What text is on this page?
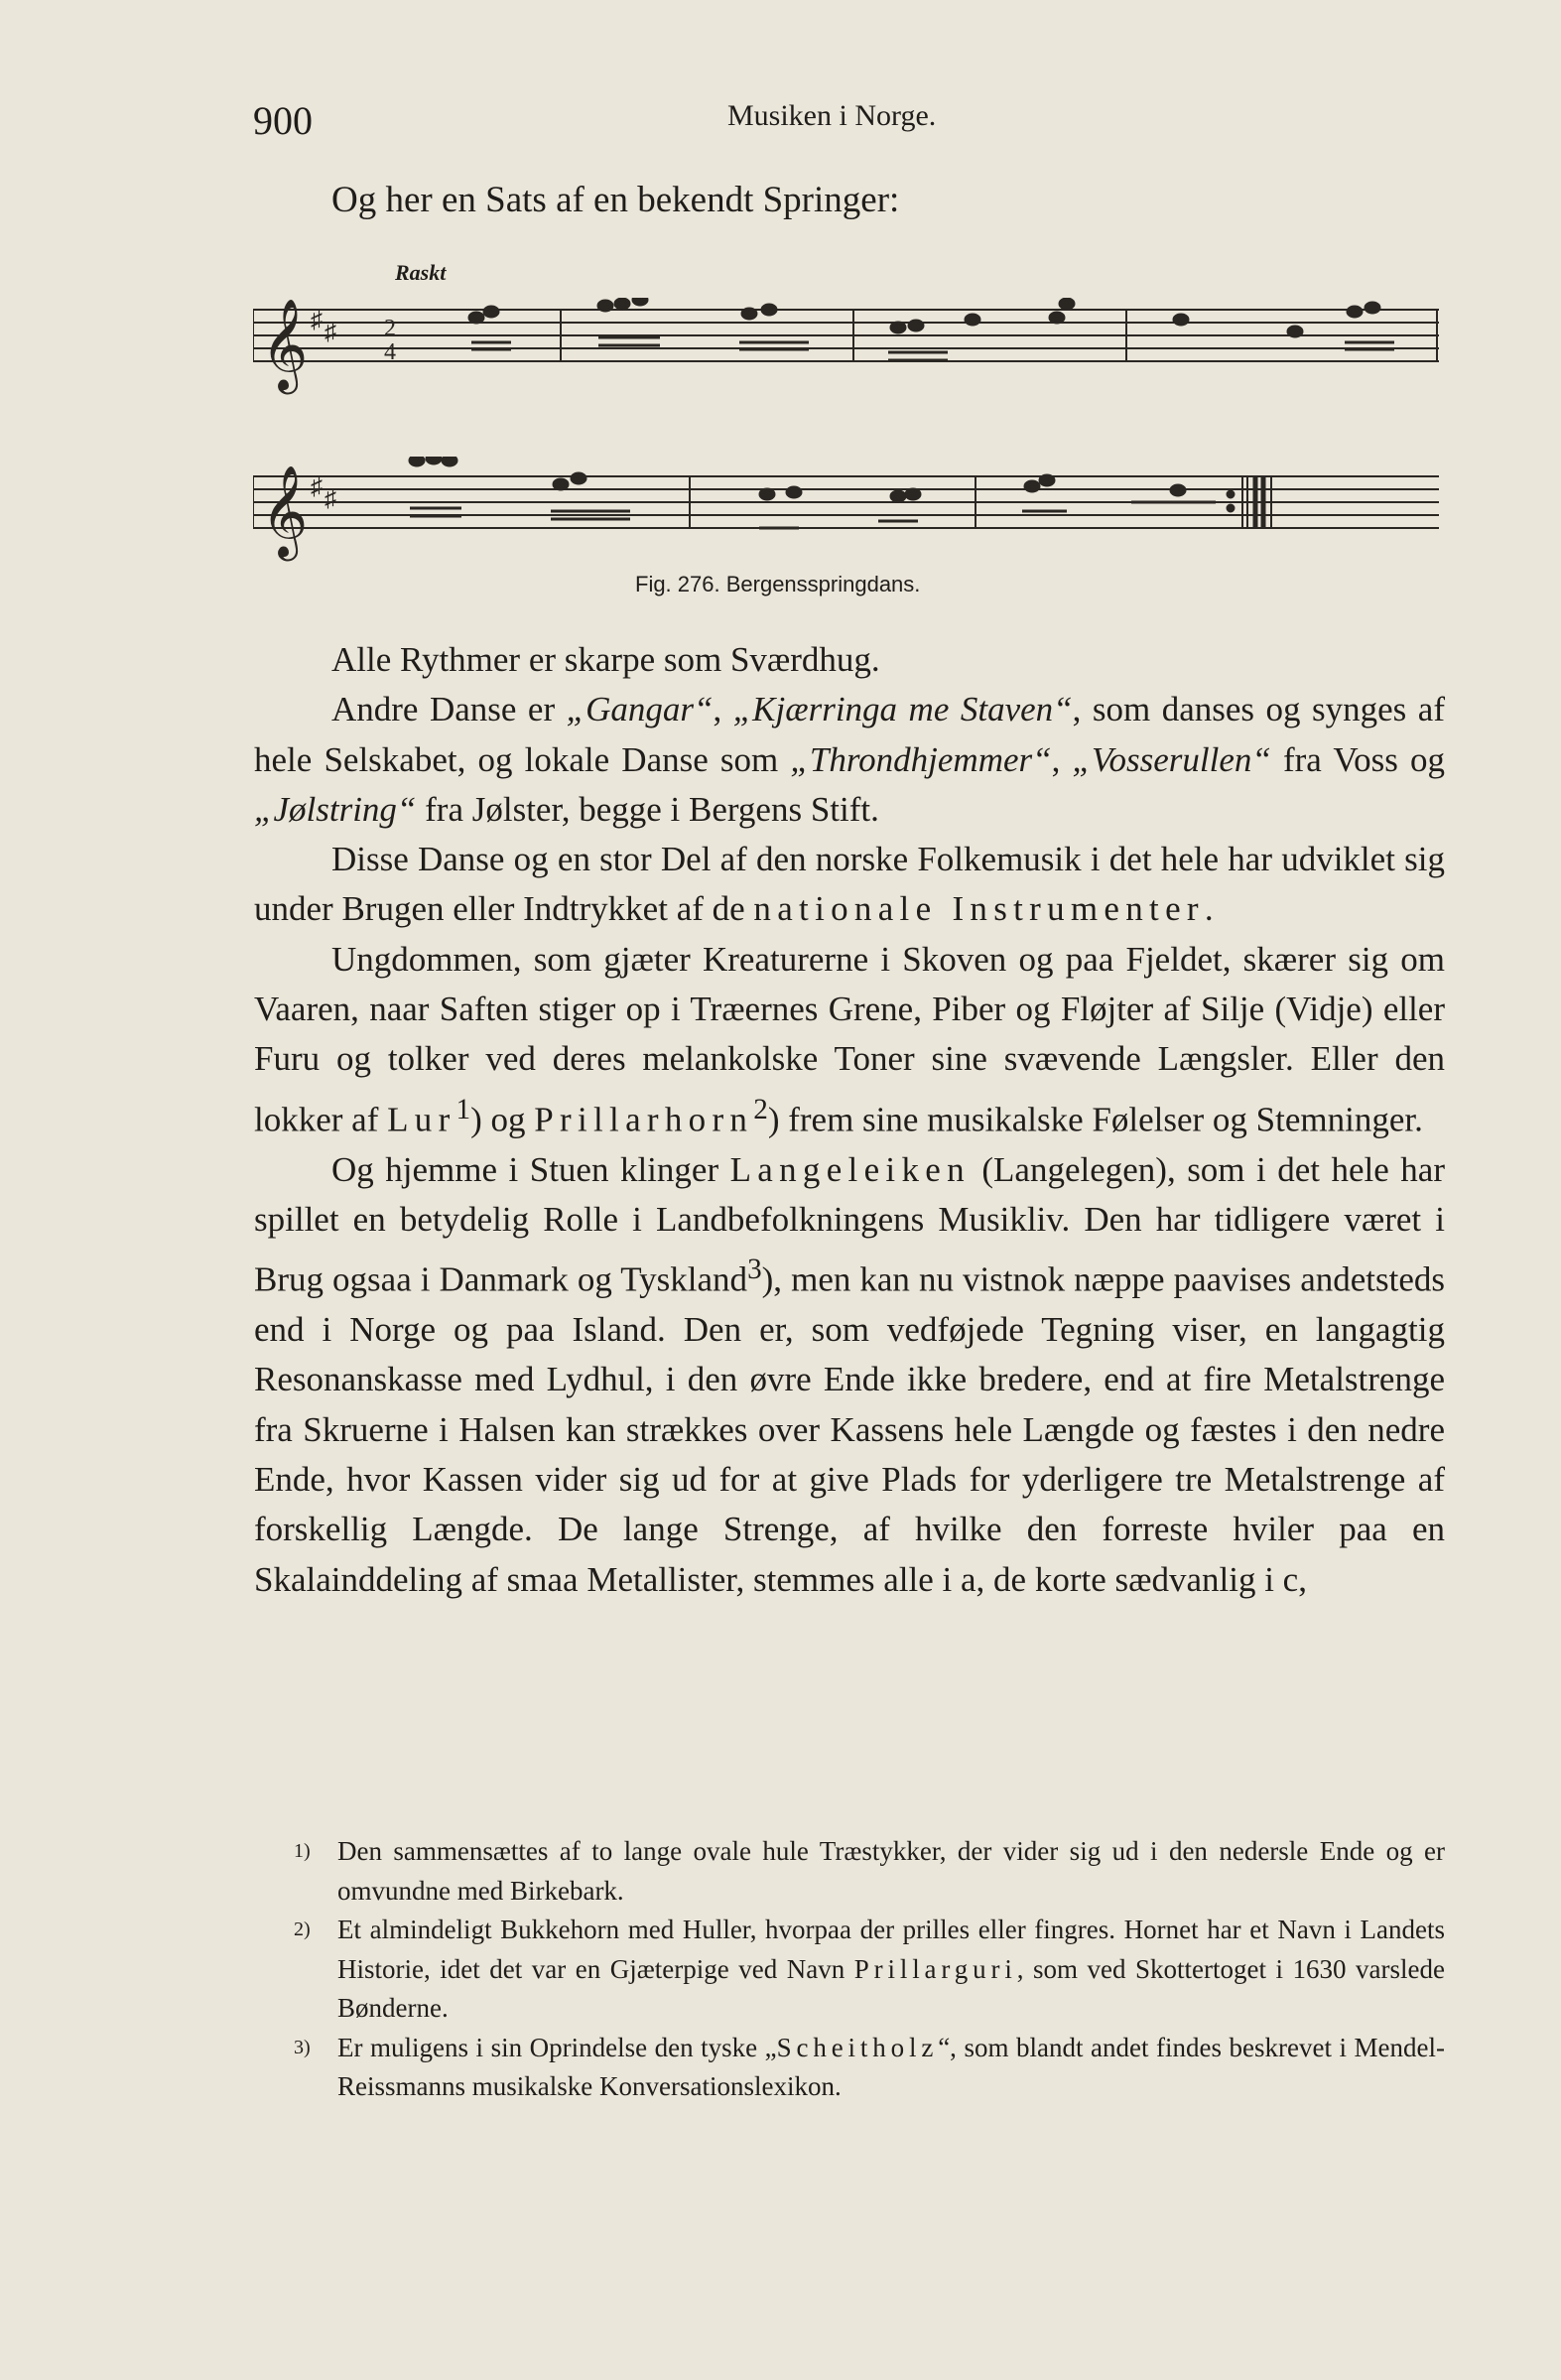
900	Musiken i Norge.
Og her en Sats af en bekendt Springer:
Raskt
𝄞 ♯ ♯ 2
4
𝄞 ♯ ♯
Fig. 276. Bergensspringdans.

Alle Rythmer er skarpe som Sværdhug.

Andre Danse er „Gangar“, „Kjærringa me Staven“, som danses og synges af hele Selskabet, og lokale Danse som „Throndhjemmer“, „Vosserullen“ fra Voss og „Jølstring“ fra Jølster, begge i Bergens Stift.

Disse Danse og en stor Del af den norske Folkemusik i det hele har udviklet sig under Brugen eller Indtrykket af de nationale Instrumenter.

Ungdommen, som gjæter Kreaturerne i Skoven og paa Fjeldet, skærer sig om Vaaren, naar Saften stiger op i Træernes Grene, Piber og Fløjter af Silje (Vidje) eller Furu og tolker ved deres melankolske Toner sine svævende Længsler. Eller den lokker af Lur$^1$) og Prillarhorn$^2$) frem sine musikalske Følelser og Stemninger.

Og hjemme i Stuen klinger Langeleiken (Langelegen), som i det hele har spillet en betydelig Rolle i Landbefolkningens Musikliv. Den har tidligere været i Brug ogsaa i Danmark og Tyskland$^3$), men kan nu vistnok næppe paavises andetsteds end i Norge og paa Island. Den er, som vedføjede Tegning viser, en langagtig Resonanskasse med Lydhul, i den øvre Ende ikke bredere, end at fire Metalstrenge fra Skruerne i Halsen kan strækkes over Kassens hele Længde og fæstes i den nedre Ende, hvor Kassen vider sig ud for at give Plads for yderligere tre Metalstrenge af forskellig Længde. De lange Strenge, af hvilke den forreste hviler paa en Skalainddeling af smaa Metallister, stemmes alle i a, de korte sædvanlig i c,

1) Den sammensættes af to lange ovale hule Træstykker, der vider sig ud i den nedersle Ende og er omvundne med Birkebark.
2) Et almindeligt Bukkehorn med Huller, hvorpaa der prilles eller fingres. Hornet har et Navn i Landets Historie, idet det var en Gjæterpige ved Navn Prillarguri, som ved Skottertoget i 1630 varslede Bønderne.
3) Er muligens i sin Oprindelse den tyske „Scheitholz“, som blandt andet findes beskrevet i Mendel-Reissmanns musikalske Konversationslexikon.
